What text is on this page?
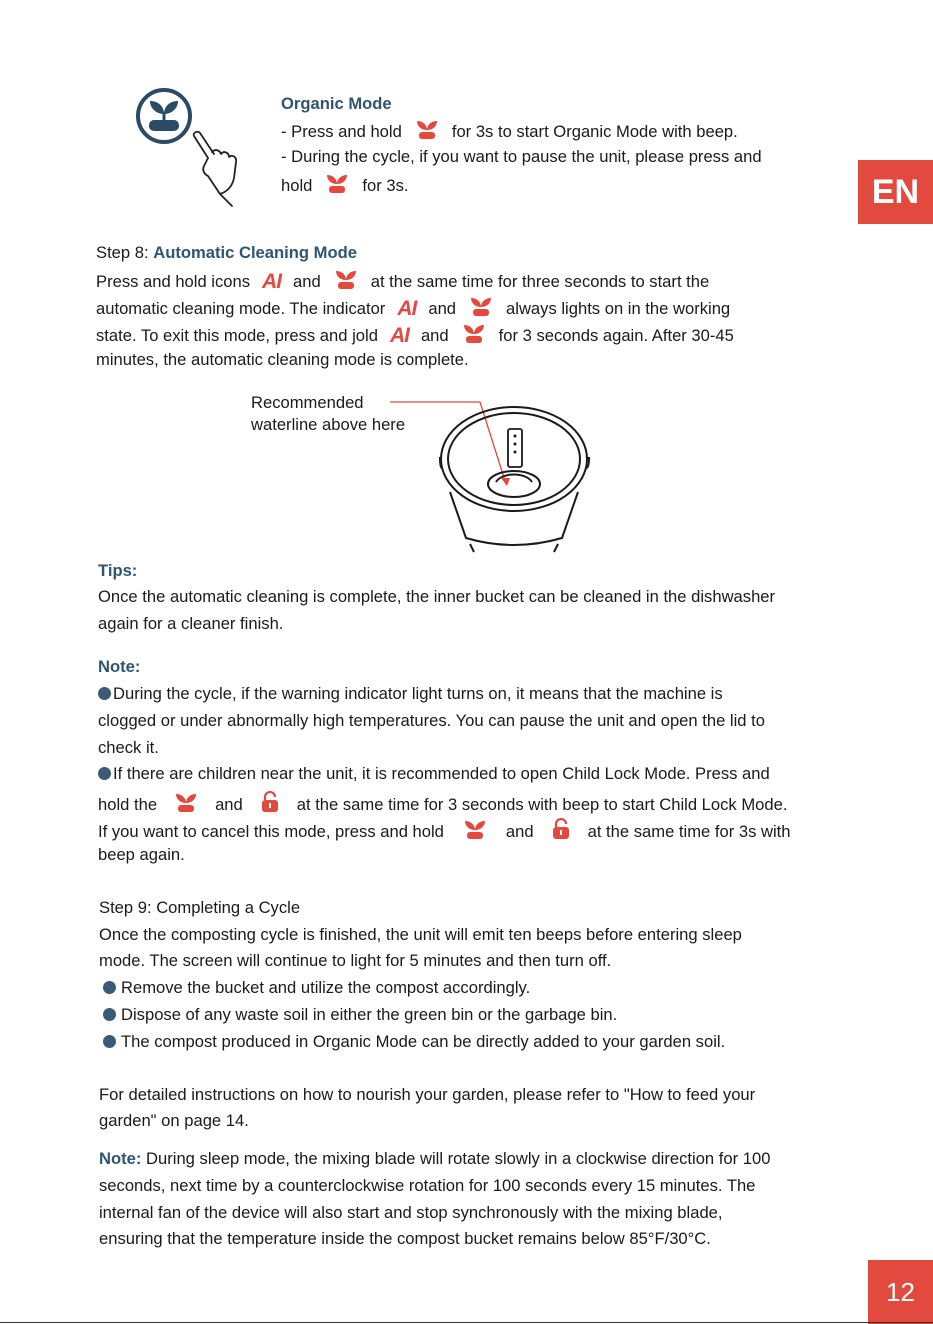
EN
Organic Mode
- Press and hold	for 3s to start Organic Mode with beep.
- During the cycle, if you want to pause the unit, please press and
hold	for 3s.
Step 8: Automatic Cleaning Mode
Press and hold icons AI and	at the same time for three seconds to start the
automatic cleaning mode. The indicator AI and	always lights on in the working
state. To exit this mode, press and jold AI and	for 3 seconds again. After 30-45
minutes, the automatic cleaning mode is complete.
Recommended
waterline above here
Tips:
Once the automatic cleaning is complete, the inner bucket can be cleaned in the dishwasher
again for a cleaner finish.
Note:
During the cycle, if the warning indicator light turns on, it means that the machine is
clogged or under abnormally high temperatures. You can pause the unit and open the lid to
check it.
If there are children near the unit, it is recommended to open Child Lock Mode. Press and
hold the	and	at the same time for 3 seconds with beep to start Child Lock Mode.
If you want to cancel this mode, press and hold	and	at the same time for 3s with
beep again.
Step 9: Completing a Cycle
Once the composting cycle is finished, the unit will emit ten beeps before entering sleep
mode. The screen will continue to light for 5 minutes and then turn off.
Remove the bucket and utilize the compost accordingly.
Dispose of any waste soil in either the green bin or the garbage bin.
The compost produced in Organic Mode can be directly added to your garden soil.
For detailed instructions on how to nourish your garden, please refer to "How to feed your
garden" on page 14.
Note: During sleep mode, the mixing blade will rotate slowly in a clockwise direction for 100
seconds, next time by a counterclockwise rotation for 100 seconds every 15 minutes. The
internal fan of the device will also start and stop synchronously with the mixing blade,
ensuring that the temperature inside the compost bucket remains below 85°F/30°C.
12
